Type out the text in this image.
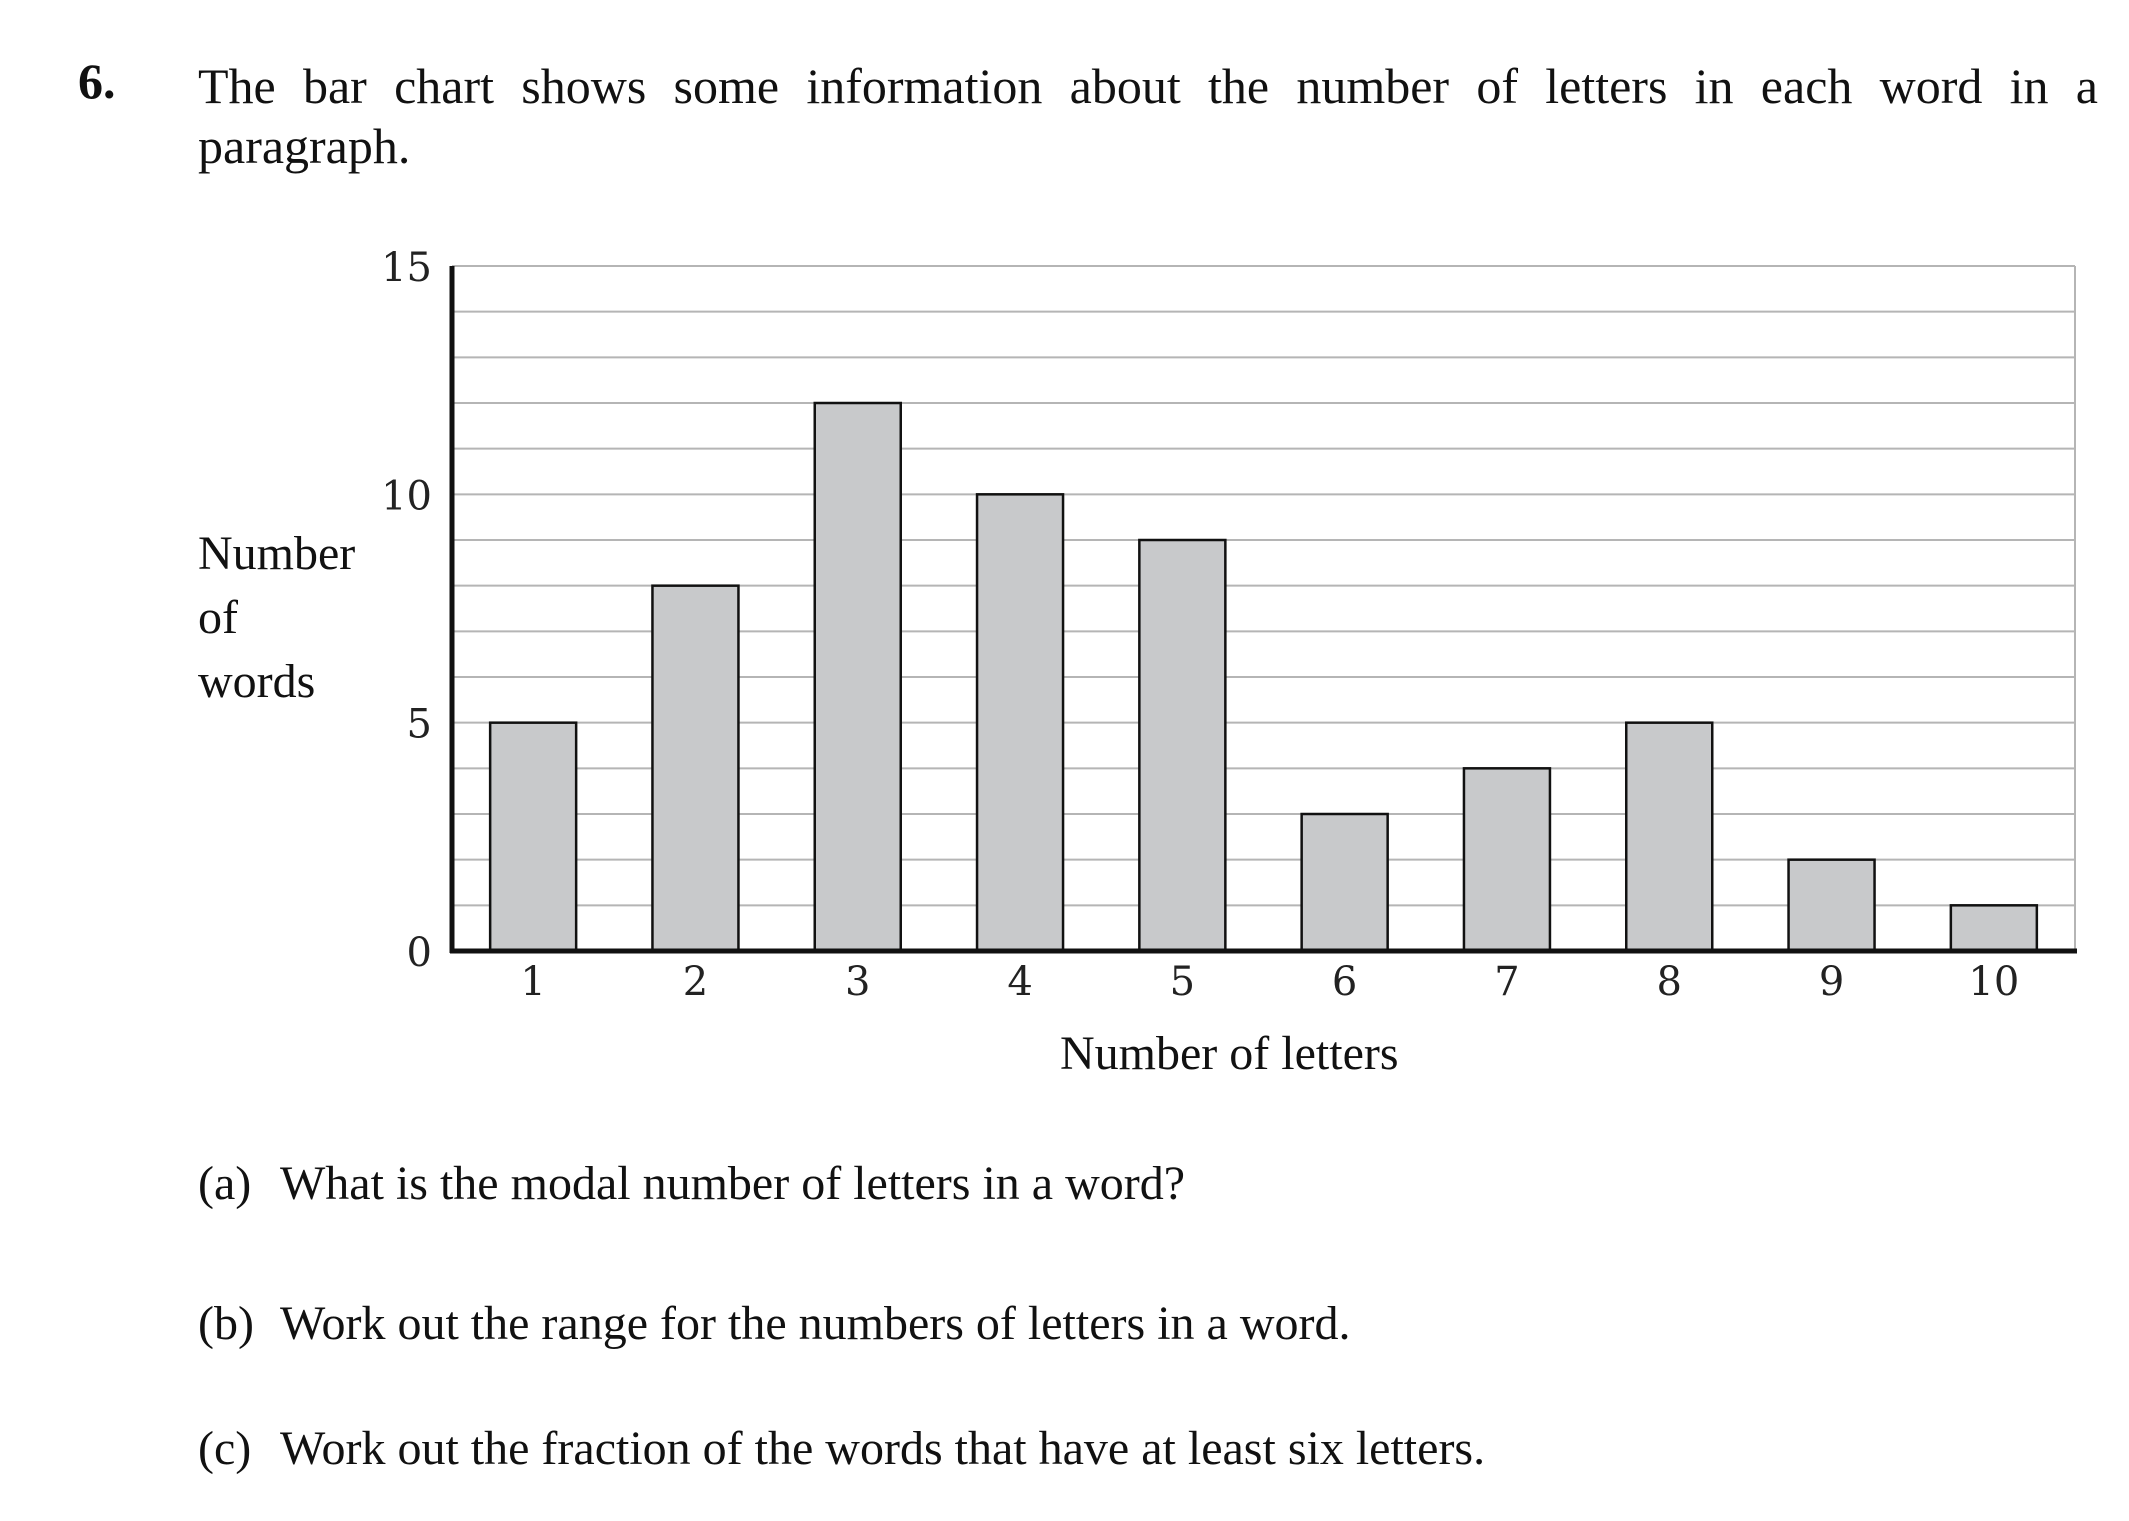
6. The bar chart shows some information about the number of letters in each word in a
paragraph.
Number
of
words
0
5
10
15
1	2	3	4	5	6	7	8	9	10
Number of letters
(a) What is the modal number of letters in a word?
(b) Work out the range for the numbers of letters in a word.
(c) Work out the fraction of the words that have at least six letters.
